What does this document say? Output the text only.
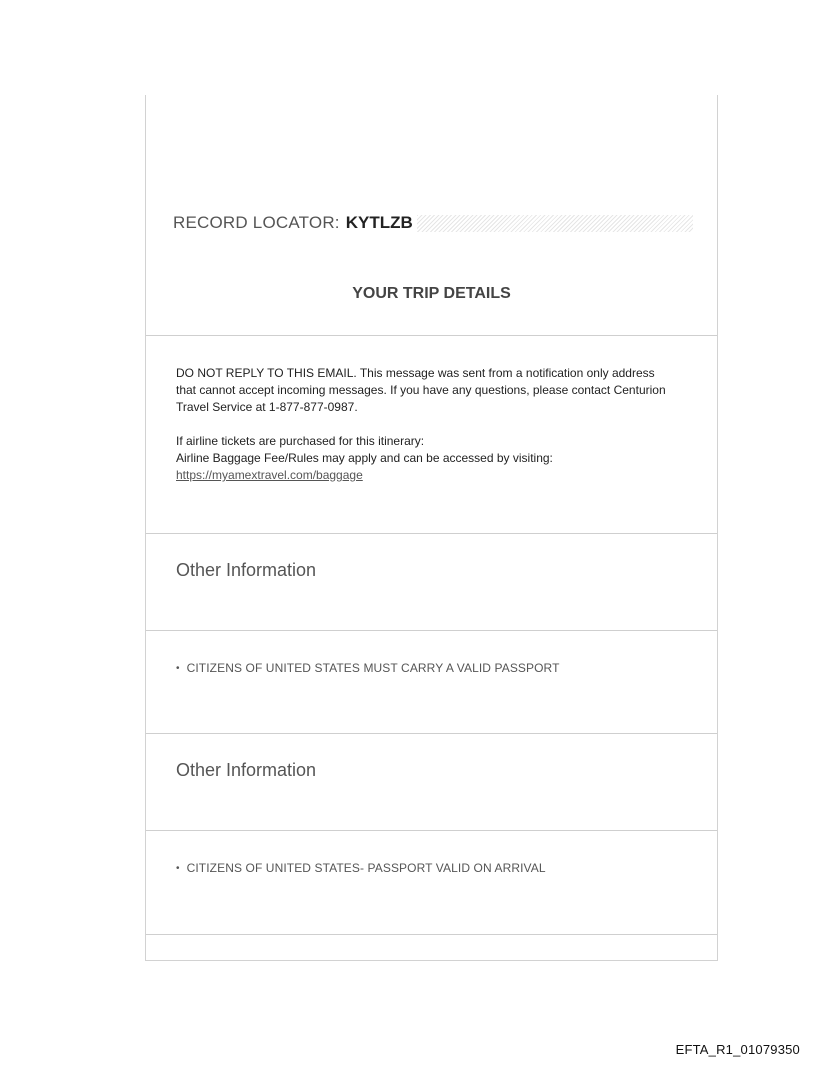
RECORD LOCATOR: KYTLZB
YOUR TRIP DETAILS

DO NOT REPLY TO THIS EMAIL. This message was sent from a notification only address
that cannot accept incoming messages. If you have any questions, please contact Centurion
Travel Service at 1-877-877-0987.

If airline tickets are purchased for this itinerary:
Airline Baggage Fee/Rules may apply and can be accessed by visiting:
https://myamextravel.com/baggage

Other Information
• CITIZENS OF UNITED STATES MUST CARRY A VALID PASSPORT
Other Information
• CITIZENS OF UNITED STATES- PASSPORT VALID ON ARRIVAL
EFTA_R1_01079350
